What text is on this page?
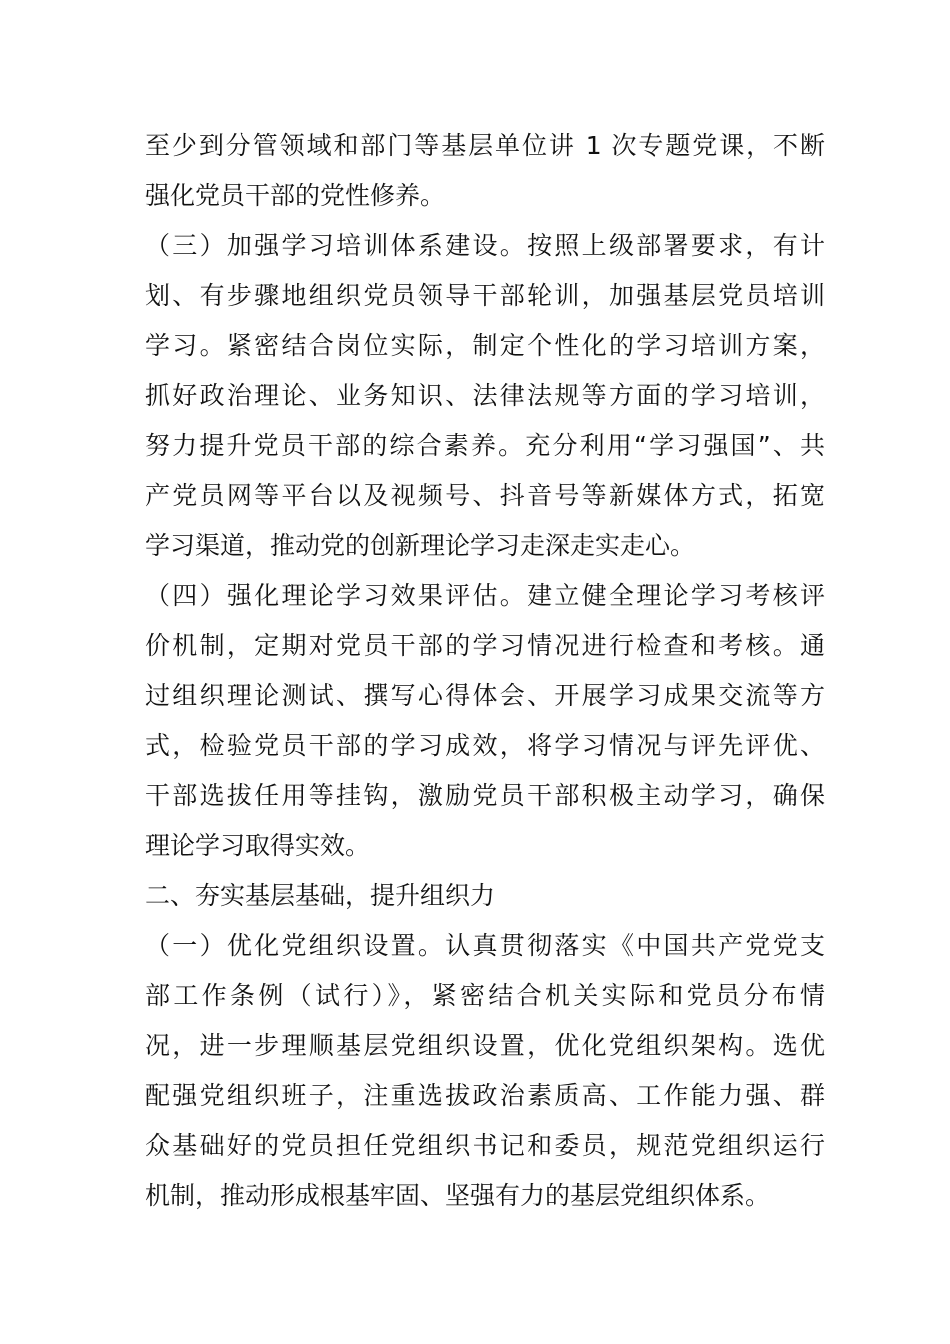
至少到分管领域和部门等基层单位讲 1 次专题党课，不断

强化党员干部的党性修养。

（三）加强学习培训体系建设。按照上级部署要求，有计

划、有步骤地组织党员领导干部轮训，加强基层党员培训

学习。紧密结合岗位实际，制定个性化的学习培训方案，

抓好政治理论、业务知识、法律法规等方面的学习培训，

努力提升党员干部的综合素养。充分利用“学习强国”、共

产党员网等平台以及视频号、抖音号等新媒体方式，拓宽

学习渠道，推动党的创新理论学习走深走实走心。

（四）强化理论学习效果评估。建立健全理论学习考核评

价机制，定期对党员干部的学习情况进行检查和考核。通

过组织理论测试、撰写心得体会、开展学习成果交流等方

式，检验党员干部的学习成效，将学习情况与评先评优、

干部选拔任用等挂钩，激励党员干部积极主动学习，确保

理论学习取得实效。

二、夯实基层基础，提升组织力

（一）优化党组织设置。认真贯彻落实《中国共产党党支

部工作条例（试行）》，紧密结合机关实际和党员分布情

况，进一步理顺基层党组织设置，优化党组织架构。选优

配强党组织班子，注重选拔政治素质高、工作能力强、群

众基础好的党员担任党组织书记和委员，规范党组织运行

机制，推动形成根基牢固、坚强有力的基层党组织体系。
